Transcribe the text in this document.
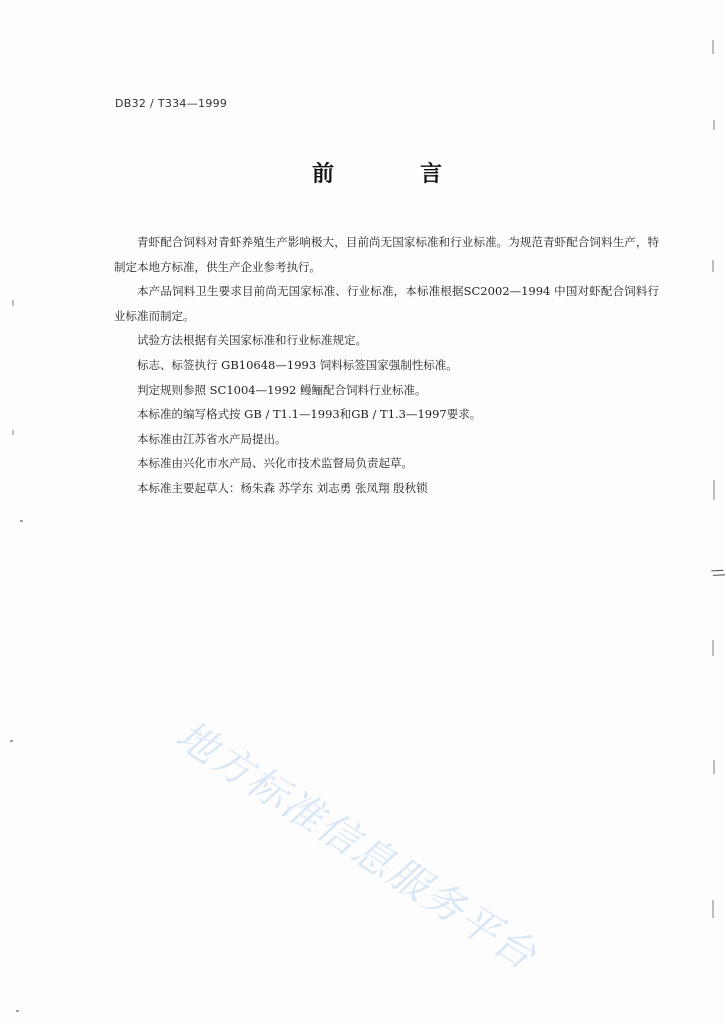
//
DB32 / T334—1999
前	言

青虾配合饲料对青虾养殖生产影响极大，目前尚无国家标准和行业标准。为规范青虾配合饲料生产，特制定本地方标准，供生产企业参考执行。

本产品饲料卫生要求目前尚无国家标准、行业标准，本标准根据SC2002—1994 中国对虾配合饲料行业标准而制定。

试验方法根据有关国家标准和行业标准规定。

标志、标签执行 GB10648—1993 饲料标签国家强制性标准。

判定规则参照 SC1004—1992 鳗鲡配合饲料行业标准。

本标准的编写格式按 GB / T1.1—1993和GB / T1.3—1997要求。

本标准由江苏省水产局提出。

本标准由兴化市水产局、兴化市技术监督局负责起草。

本标准主要起草人：杨朱森 苏学东 刘志勇 张凤翔 殷秋锁

地方标准信息服务平台
